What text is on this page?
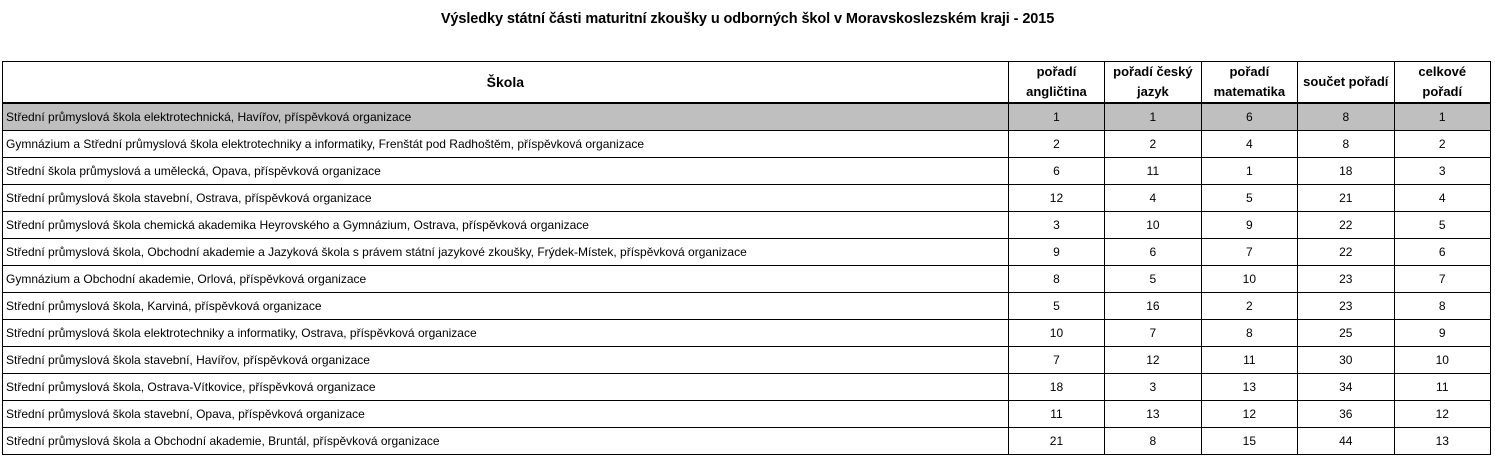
Výsledky státní části maturitní zkoušky u odborných škol v Moravskoslezském kraji - 2015
Škola	pořadí angličtina	pořadí český jazyk	pořadí matematika	součet pořadí	celkové pořadí
Střední průmyslová škola elektrotechnická, Havířov, příspěvková organizace	1	1	6	8	1
Gymnázium a Střední průmyslová škola elektrotechniky a informatiky, Frenštát pod Radhoštěm, příspěvková organizace	2	2	4	8	2
Střední škola průmyslová a umělecká, Opava, příspěvková organizace	6	11	1	18	3
Střední průmyslová škola stavební, Ostrava, příspěvková organizace	12	4	5	21	4
Střední průmyslová škola chemická akademika Heyrovského a Gymnázium, Ostrava, příspěvková organizace	3	10	9	22	5
Střední průmyslová škola, Obchodní akademie a Jazyková škola s právem státní jazykové zkoušky, Frýdek-Místek, příspěvková organizace	9	6	7	22	6
Gymnázium a Obchodní akademie, Orlová, příspěvková organizace	8	5	10	23	7
Střední průmyslová škola, Karviná, příspěvková organizace	5	16	2	23	8
Střední průmyslová škola elektrotechniky a informatiky, Ostrava, příspěvková organizace	10	7	8	25	9
Střední průmyslová škola stavební, Havířov, příspěvková organizace	7	12	11	30	10
Střední průmyslová škola, Ostrava-Vítkovice, příspěvková organizace	18	3	13	34	11
Střední průmyslová škola stavební, Opava, příspěvková organizace	11	13	12	36	12
Střední průmyslová škola a Obchodní akademie, Bruntál, příspěvková organizace	21	8	15	44	13
